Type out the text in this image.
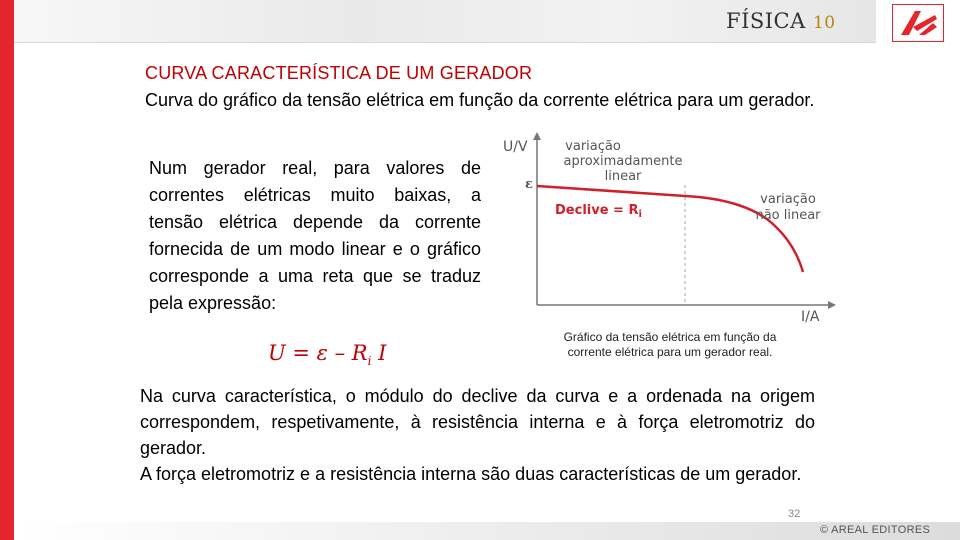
FÍSICA 10
CURVA CARACTERÍSTICA DE UM GERADOR

Curva do gráfico da tensão elétrica em função da corrente elétrica para um gerador.

Num gerador real, para valores de correntes elétricas muito baixas, a tensão elétrica depende da corrente fornecida de um modo linear e o gráfico corresponde a uma reta que se traduz pela expressão:

$U = \varepsilon - R_i$ I
U/V
ε
variação
aproximadamente
linear
Declive = $R_i$
variação
não linear
I/A
Gráfico da tensão elétrica em função da corrente elétrica para um gerador real.

Na curva característica, o módulo do declive da curva e a ordenada na origem correspondem, respetivamente, à resistência interna e à força eletromotriz do gerador.

A força eletromotriz e a resistência interna são duas características de um gerador.

32
© AREAL EDITORES
